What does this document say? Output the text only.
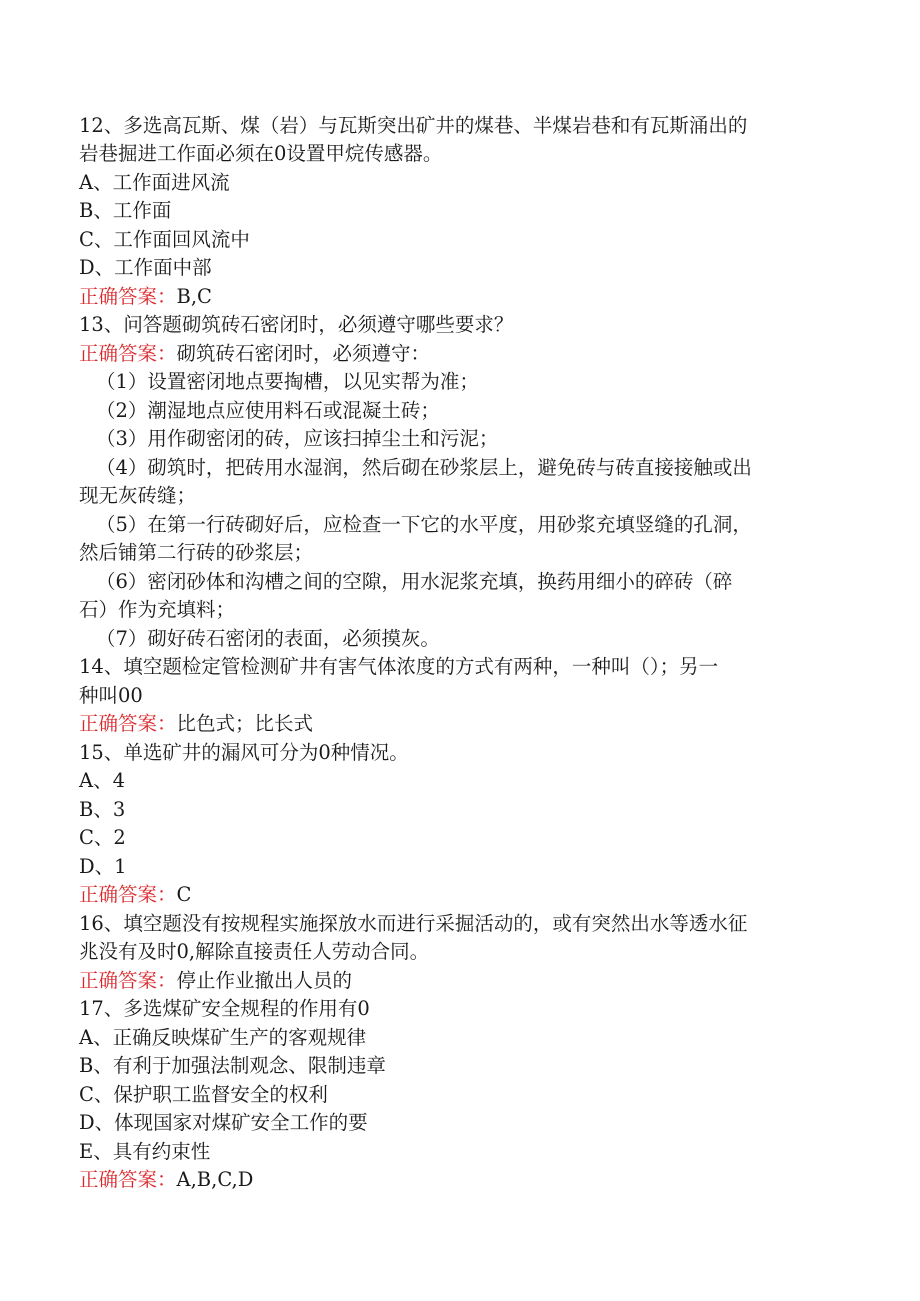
12、多选高瓦斯、煤（岩）与瓦斯突出矿井的煤巷、半煤岩巷和有瓦斯涌出的
岩巷掘进工作面必须在0设置甲烷传感器。
A、工作面进风流
B、工作面
C、工作面回风流中
D、工作面中部
正确答案：B,C
13、问答题砌筑砖石密闭时，必须遵守哪些要求？
正确答案：砌筑砖石密闭时，必须遵守：
（1）设置密闭地点要掏槽，以见实帮为准；
（2）潮湿地点应使用料石或混凝土砖；
（3）用作砌密闭的砖，应该扫掉尘土和污泥；
（4）砌筑时，把砖用水湿润，然后砌在砂浆层上，避免砖与砖直接接触或出
现无灰砖缝；
（5）在第一行砖砌好后，应检查一下它的水平度，用砂浆充填竖缝的孔洞，
然后铺第二行砖的砂浆层；
（6）密闭砂体和沟槽之间的空隙，用水泥浆充填，换药用细小的碎砖（碎
石）作为充填料；
（7）砌好砖石密闭的表面，必须摸灰。
14、填空题检定管检测矿井有害气体浓度的方式有两种，一种叫（）；另一
种叫00
正确答案：比色式；比长式
15、单选矿井的漏风可分为0种情况。
A、4
B、3
C、2
D、1
正确答案：C
16、填空题没有按规程实施探放水而进行采掘活动的，或有突然出水等透水征
兆没有及时0,解除直接责任人劳动合同。
正确答案：停止作业撤出人员的
17、多选煤矿安全规程的作用有0
A、正确反映煤矿生产的客观规律
B、有利于加强法制观念、限制违章
C、保护职工监督安全的权利
D、体现国家对煤矿安全工作的要
E、具有约束性
正确答案：A,B,C,D
